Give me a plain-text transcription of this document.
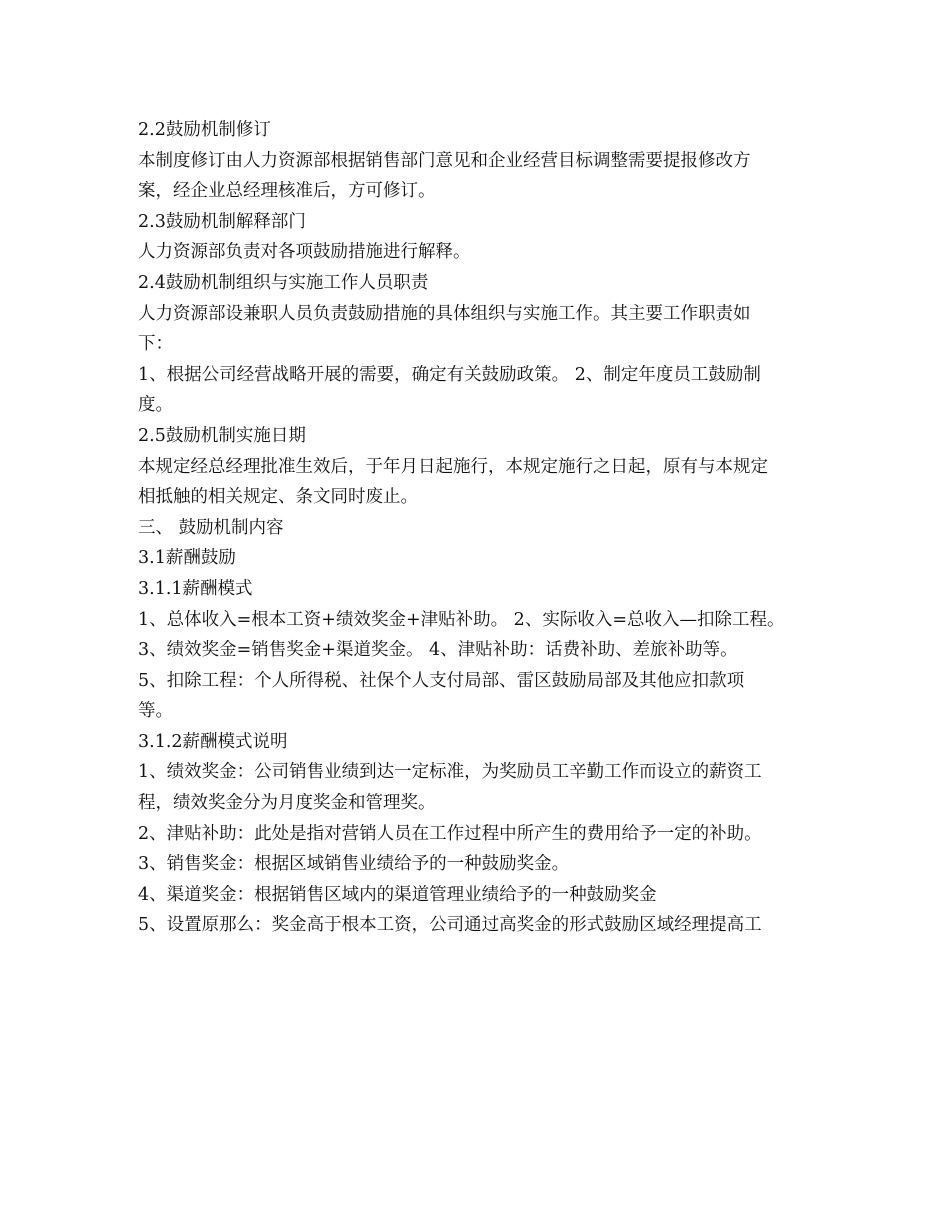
2.2鼓励机制修订
本制度修订由人力资源部根据销售部门意见和企业经营目标调整需要提报修改方
案，经企业总经理核准后，方可修订。
2.3鼓励机制解释部门
人力资源部负责对各项鼓励措施进行解释。
2.4鼓励机制组织与实施工作人员职责
人力资源部设兼职人员负责鼓励措施的具体组织与实施工作。其主要工作职责如
下：
1、根据公司经营战略开展的需要，确定有关鼓励政策。 2、制定年度员工鼓励制
度。
2.5鼓励机制实施日期
本规定经总经理批准生效后，于年月日起施行，本规定施行之日起，原有与本规定
相抵触的相关规定、条文同时废止。
三、 鼓励机制内容
3.1薪酬鼓励
3.1.1薪酬模式
1、总体收入=根本工资+绩效奖金+津贴补助。 2、实际收入=总收入—扣除工程。
3、绩效奖金=销售奖金+渠道奖金。 4、津贴补助：话费补助、差旅补助等。
5、扣除工程：个人所得税、社保个人支付局部、雷区鼓励局部及其他应扣款项
等。
3.1.2薪酬模式说明
1、绩效奖金：公司销售业绩到达一定标准，为奖励员工辛勤工作而设立的薪资工
程，绩效奖金分为月度奖金和管理奖。
2、津贴补助：此处是指对营销人员在工作过程中所产生的费用给予一定的补助。
3、销售奖金：根据区域销售业绩给予的一种鼓励奖金。
4、渠道奖金：根据销售区域内的渠道管理业绩给予的一种鼓励奖金
5、设置原那么：奖金高于根本工资，公司通过高奖金的形式鼓励区域经理提高工
